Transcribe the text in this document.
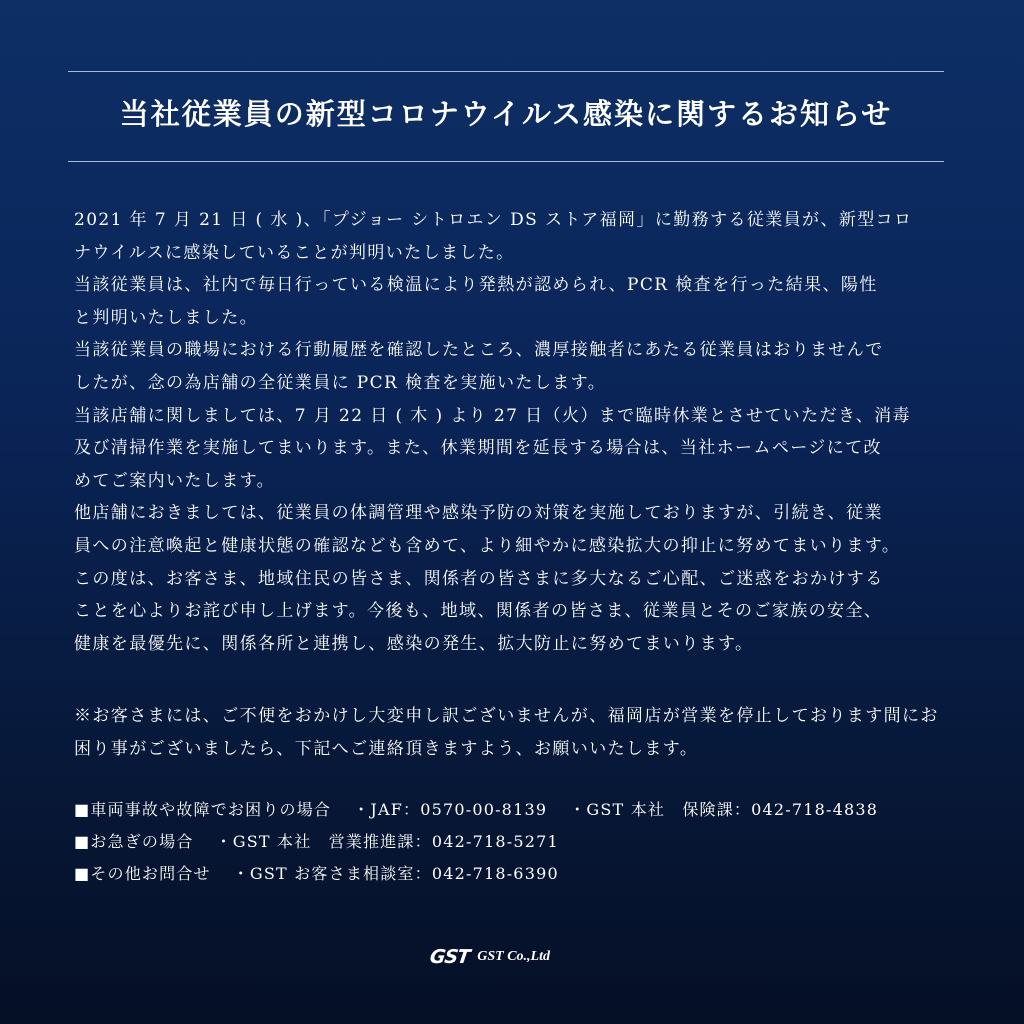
当社従業員の新型コロナウイルス感染に関するお知らせ
2021 年 7 月 21 日 ( 水 )、「プジョー シトロエン DS ストア福岡」に勤務する従業員が、新型コロ
ナウイルスに感染していることが判明いたしました。
当該従業員は、社内で毎日行っている検温により発熱が認められ、PCR 検査を行った結果、陽性
と判明いたしました。
当該従業員の職場における行動履歴を確認したところ、濃厚接触者にあたる従業員はおりませんで
したが、念の為店舗の全従業員に PCR 検査を実施いたします。
当該店舗に関しましては、7 月 22 日 ( 木 ) より 27 日（火）まで臨時休業とさせていただき、消毒
及び清掃作業を実施してまいります。また、休業期間を延長する場合は、当社ホームページにて改
めてご案内いたします。
他店舗におきましては、従業員の体調管理や感染予防の対策を実施しておりますが、引続き、従業
員への注意喚起と健康状態の確認なども含めて、より細やかに感染拡大の抑止に努めてまいります。
この度は、お客さま、地域住民の皆さま、関係者の皆さまに多大なるご心配、ご迷惑をおかけする
ことを心よりお詫び申し上げます。今後も、地域、関係者の皆さま、従業員とそのご家族の安全、
健康を最優先に、関係各所と連携し、感染の発生、拡大防止に努めてまいります。
※お客さまには、ご不便をおかけし大変申し訳ございませんが、福岡店が営業を停止しております間にお
困り事がございましたら、下記へご連絡頂きますよう、お願いいたします。
■車両事故や故障でお困りの場合 ・JAF：0570-00-8139 ・GST 本社　保険課：042-718-4838
■お急ぎの場合 ・GST 本社　営業推進課：042-718-5271
■その他お問合せ ・GST お客さま相談室：042-718-6390
GST GST Co.,Ltd
